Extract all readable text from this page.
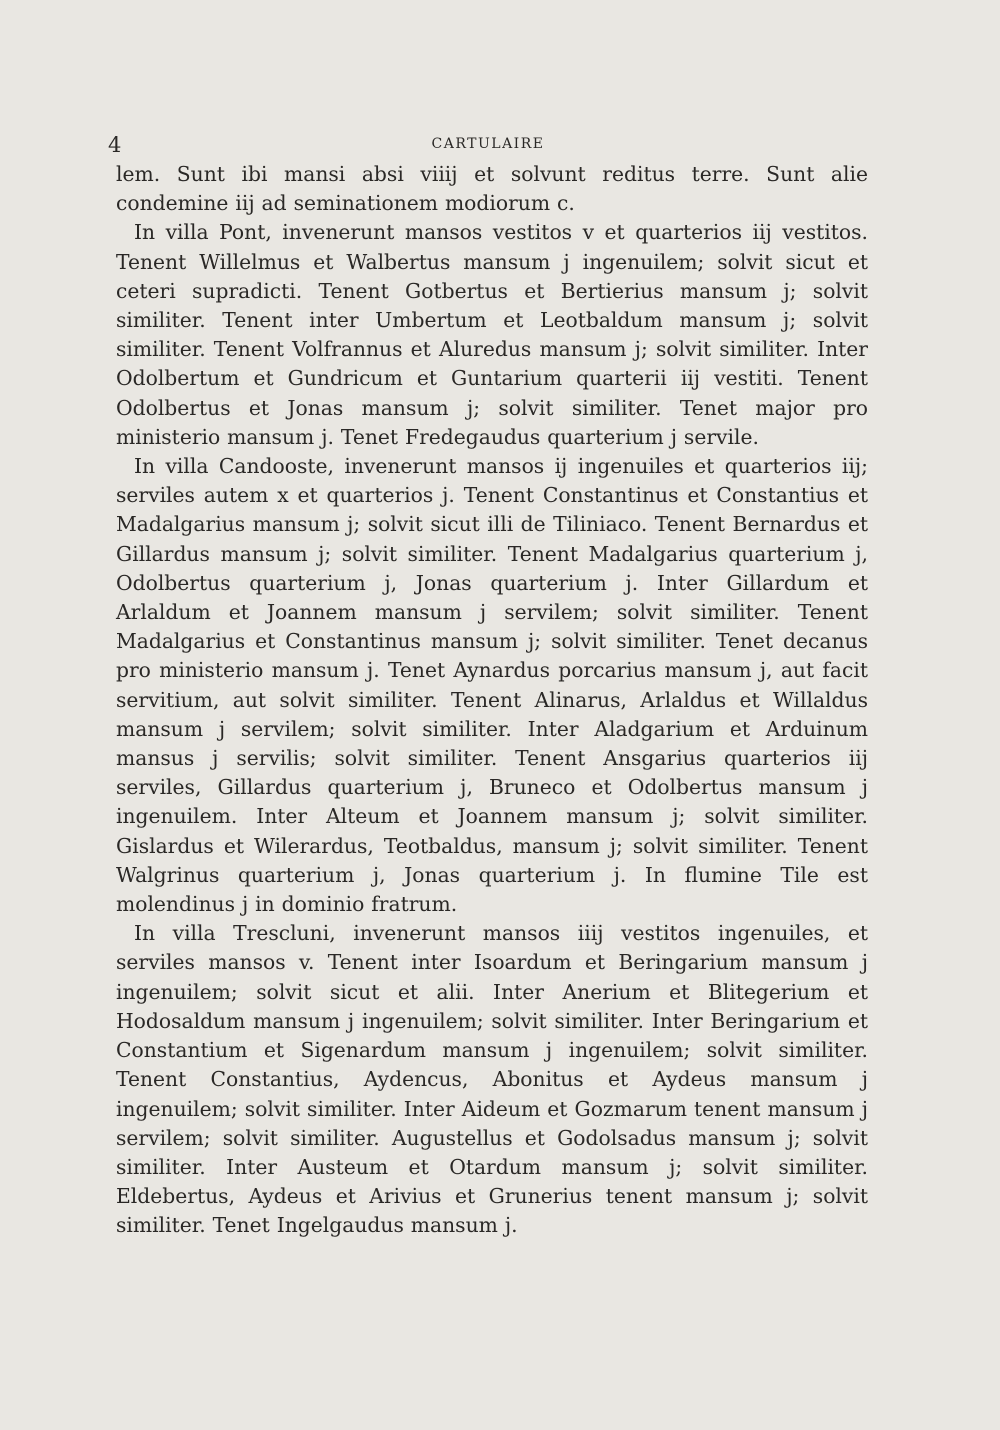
4	CARTULAIRE

lem. Sunt ibi mansi absi viiij et solvunt reditus terre. Sunt alie condemine iij ad seminationem modiorum c.

In villa Pont, invenerunt mansos vestitos v et quarterios iij vestitos. Tenent Willelmus et Walbertus mansum j ingenuilem; solvit sicut et ceteri supradicti. Tenent Gotbertus et Bertierius mansum j; solvit similiter. Tenent inter Umbertum et Leotbaldum mansum j; solvit similiter. Tenent Volfrannus et Aluredus mansum j; solvit similiter. Inter Odolbertum et Gundricum et Guntarium quarterii iij vestiti. Tenent Odolbertus et Jonas mansum j; solvit similiter. Tenet major pro ministerio mansum j. Tenet Fredegaudus quarterium j servile.

In villa Candooste, invenerunt mansos ij ingenuiles et quarterios iij; serviles autem x et quarterios j. Tenent Constantinus et Constantius et Madalgarius mansum j; solvit sicut illi de Tiliniaco. Tenent Bernardus et Gillardus mansum j; solvit similiter. Tenent Madalgarius quarterium j, Odolbertus quarterium j, Jonas quarterium j. Inter Gillardum et Arlaldum et Joannem mansum j servilem; solvit similiter. Tenent Madalgarius et Constantinus mansum j; solvit similiter. Tenet decanus pro ministerio mansum j. Tenet Aynardus porcarius mansum j, aut facit servitium, aut solvit similiter. Tenent Alinarus, Arlaldus et Willaldus mansum j servilem; solvit similiter. Inter Aladgarium et Arduinum mansus j servilis; solvit similiter. Tenent Ansgarius quarterios iij serviles, Gillardus quarterium j, Bruneco et Odolbertus mansum j ingenuilem. Inter Alteum et Joannem mansum j; solvit similiter. Gislardus et Wilerardus, Teotbaldus, mansum j; solvit similiter. Tenent Walgrinus quarterium j, Jonas quarterium j. In flumine Tile est molendinus j in dominio fratrum.

In villa Tresclunі, invenerunt mansos iiij vestitos ingenuiles, et serviles mansos v. Tenent inter Isoardum et Beringarium mansum j ingenuilem; solvit sicut et alii. Inter Anerium et Blitegerium et Hodosaldum mansum j ingenuilem; solvit similiter. Inter Beringarium et Constantium et Sigenardum mansum j ingenuilem; solvit similiter. Tenent Constantius, Aydencus, Abonitus et Aydeus mansum j ingenuilem; solvit similiter. Inter Aideum et Gozmarum tenent mansum j servilem; solvit similiter. Augustellus et Godolsadus mansum j; solvit similiter. Inter Austeum et Otardum mansum j; solvit similiter. Eldebertus, Aydeus et Arivius et Grunerius tenent mansum j; solvit similiter. Tenet Ingelgaudus mansum j.
